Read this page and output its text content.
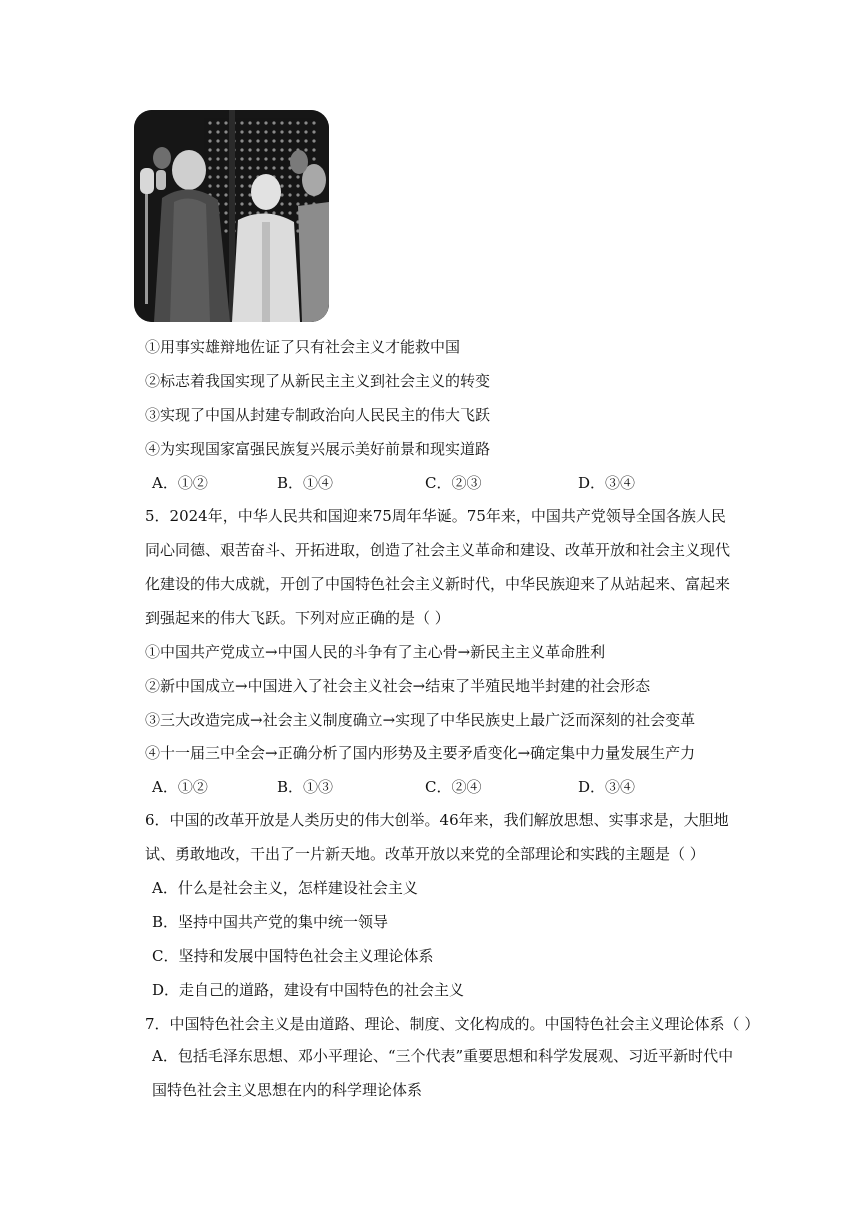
①用事实雄辩地佐证了只有社会主义才能救中国
②标志着我国实现了从新民主主义到社会主义的转变
③实现了中国从封建专制政治向人民民主的伟大飞跃
④为实现国家富强民族复兴展示美好前景和现实道路
A．①②	B．①④	C．②③	D．③④
5．2024年，中华人民共和国迎来75周年华诞。75年来，中国共产党领导全国各族人民同心同德、艰苦奋斗、开拓进取，创造了社会主义革命和建设、改革开放和社会主义现代化建设的伟大成就，开创了中国特色社会主义新时代，中华民族迎来了从站起来、富起来到强起来的伟大飞跃。下列对应正确的是（ ）
①中国共产党成立→中国人民的斗争有了主心骨→新民主主义革命胜利
②新中国成立→中国进入了社会主义社会→结束了半殖民地半封建的社会形态
③三大改造完成→社会主义制度确立→实现了中华民族史上最广泛而深刻的社会变革
④十一届三中全会→正确分析了国内形势及主要矛盾变化→确定集中力量发展生产力
A．①②	B．①③	C．②④	D．③④
6．中国的改革开放是人类历史的伟大创举。46年来，我们解放思想、实事求是，大胆地试、勇敢地改，干出了一片新天地。改革开放以来党的全部理论和实践的主题是（ ）
A．什么是社会主义，怎样建设社会主义
B．坚持中国共产党的集中统一领导
C．坚持和发展中国特色社会主义理论体系
D．走自己的道路，建设有中国特色的社会主义
7．中国特色社会主义是由道路、理论、制度、文化构成的。中国特色社会主义理论体系（ ）
A．包括毛泽东思想、邓小平理论、“三个代表”重要思想和科学发展观、习近平新时代中国特色社会主义思想在内的科学理论体系
